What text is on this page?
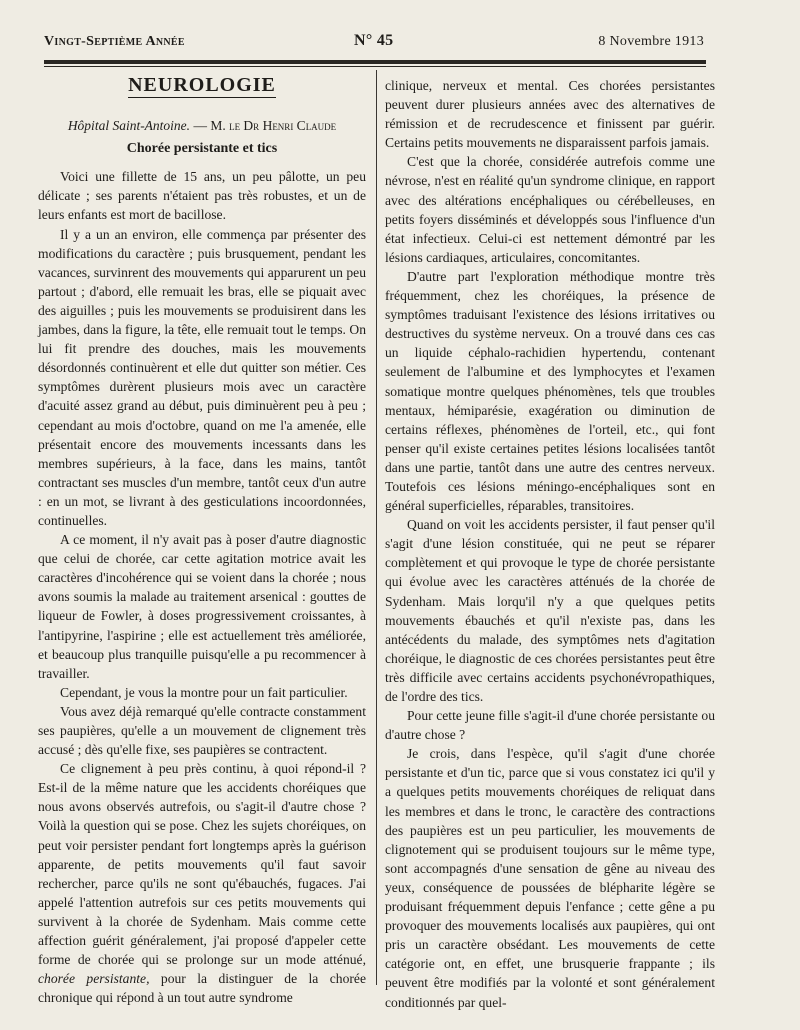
Vingt-Septième Année	N° 45	8 Novembre 1913
NEUROLOGIE
Hôpital Saint-Antoine. — M. le Dr Henri Claude
Chorée persistante et tics

Voici une fillette de 15 ans, un peu pâlotte, un peu délicate ; ses parents n'étaient pas très robustes, et un de leurs enfants est mort de bacillose.

Il y a un an environ, elle commença par présenter des modifications du caractère ; puis brusquement, pendant les vacances, survinrent des mouvements qui apparurent un peu partout ; d'abord, elle remuait les bras, elle se piquait avec des aiguilles ; puis les mouvements se produisirent dans les jambes, dans la figure, la tête, elle remuait tout le temps. On lui fit prendre des douches, mais les mouvements désordonnés continuèrent et elle dut quitter son métier. Ces symptômes durèrent plusieurs mois avec un caractère d'acuité assez grand au début, puis diminuèrent peu à peu ; cependant au mois d'octobre, quand on me l'a amenée, elle présentait encore des mouvements incessants dans les membres supérieurs, à la face, dans les mains, tantôt contractant ses muscles d'un membre, tantôt ceux d'un autre : en un mot, se livrant à des gesticulations incoordonnées, continuelles.

A ce moment, il n'y avait pas à poser d'autre diagnostic que celui de chorée, car cette agitation motrice avait les caractères d'incohérence qui se voient dans la chorée ; nous avons soumis la malade au traitement arsenical : gouttes de liqueur de Fowler, à doses progressivement croissantes, à l'antipyrine, l'aspirine ; elle est actuellement très améliorée, et beaucoup plus tranquille puisqu'elle a pu recommencer à travailler.

Cependant, je vous la montre pour un fait particulier.

Vous avez déjà remarqué qu'elle contracte constamment ses paupières, qu'elle a un mouvement de clignement très accusé ; dès qu'elle fixe, ses paupières se contractent.

Ce clignement à peu près continu, à quoi répond-il ? Est-il de la même nature que les accidents choréiques que nous avons observés autrefois, ou s'agit-il d'autre chose ? Voilà la question qui se pose. Chez les sujets choréiques, on peut voir persister pendant fort longtemps après la guérison apparente, de petits mouvements qu'il faut savoir rechercher, parce qu'ils ne sont qu'ébauchés, fugaces. J'ai appelé l'attention autrefois sur ces petits mouvements qui survivent à la chorée de Sydenham. Mais comme cette affection guérit généralement, j'ai proposé d'appeler cette forme de chorée qui se prolonge sur un mode atténué, chorée persistante, pour la distinguer de la chorée chronique qui répond à un tout autre syndrome

clinique, nerveux et mental. Ces chorées persistantes peuvent durer plusieurs années avec des alternatives de rémission et de recrudescence et finissent par guérir. Certains petits mouvements ne disparaissent parfois jamais.

C'est que la chorée, considérée autrefois comme une névrose, n'est en réalité qu'un syndrome clinique, en rapport avec des altérations encéphaliques ou cérébelleuses, en petits foyers disséminés et développés sous l'influence d'un état infectieux. Celui-ci est nettement démontré par les lésions cardiaques, articulaires, concomitantes.

D'autre part l'exploration méthodique montre très fréquemment, chez les choréiques, la présence de symptômes traduisant l'existence des lésions irritatives ou destructives du système nerveux. On a trouvé dans ces cas un liquide céphalo-rachidien hypertendu, contenant seulement de l'albumine et des lymphocytes et l'examen somatique montre quelques phénomènes, tels que troubles mentaux, hémiparésie, exagération ou diminution de certains réflexes, phénomènes de l'orteil, etc., qui font penser qu'il existe certaines petites lésions localisées tantôt dans une partie, tantôt dans une autre des centres nerveux. Toutefois ces lésions méningo-encéphaliques sont en général superficielles, réparables, transitoires.

Quand on voit les accidents persister, il faut penser qu'il s'agit d'une lésion constituée, qui ne peut se réparer complètement et qui provoque le type de chorée persistante qui évolue avec les caractères atténués de la chorée de Sydenham. Mais lorqu'il n'y a que quelques petits mouvements ébauchés et qu'il n'existe pas, dans les antécédents du malade, des symptômes nets d'agitation choréique, le diagnostic de ces chorées persistantes peut être très difficile avec certains accidents psychonévropathiques, de l'ordre des tics.

Pour cette jeune fille s'agit-il d'une chorée persistante ou d'autre chose ?

Je crois, dans l'espèce, qu'il s'agit d'une chorée persistante et d'un tic, parce que si vous constatez ici qu'il y a quelques petits mouvements choréiques de reliquat dans les membres et dans le tronc, le caractère des contractions des paupières est un peu particulier, les mouvements de clignotement qui se produisent toujours sur le même type, sont accompagnés d'une sensation de gêne au niveau des yeux, conséquence de poussées de blépharite légère se produisant fréquemment depuis l'enfance ; cette gêne a pu provoquer des mouvements localisés aux paupières, qui ont pris un caractère obsédant. Les mouvements de cette catégorie ont, en effet, une brusquerie frappante ; ils peuvent être modifiés par la volonté et sont généralement conditionnés par quel-
